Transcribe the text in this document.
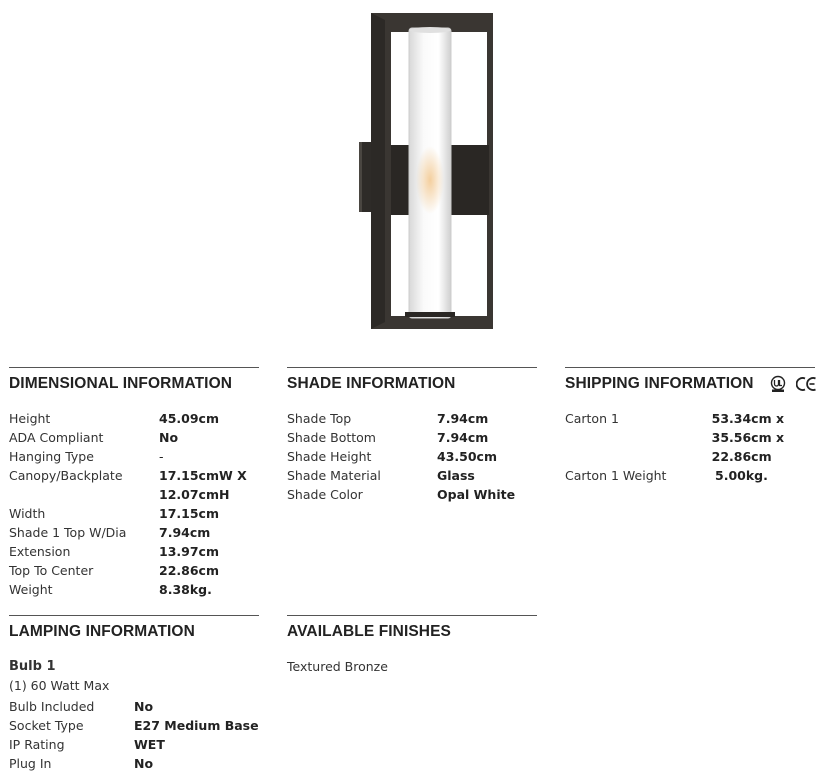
DIMENSIONAL INFORMATION
Height	45.09cm
ADA Compliant	No
Hanging Type	-
Canopy/Backplate	17.15cmW X 12.07cmH
Width	17.15cm
Shade 1 Top W/Dia	7.94cm
Extension	13.97cm
Top To Center	22.86cm
Weight	8.38kg.
SHADE INFORMATION
Shade Top	7.94cm
Shade Bottom	7.94cm
Shade Height	43.50cm
Shade Material	Glass
Shade Color	Opal White
SHIPPING INFORMATION
Carton 1	53.34cm x 35.56cm x 22.86cm
Carton 1 Weight	5.00kg.
LAMPING INFORMATION
Bulb 1
(1) 60 Watt Max
Bulb Included	No
Socket Type	E27 Medium Base
IP Rating	WET
Plug In	No
AVAILABLE FINISHES
Textured Bronze
